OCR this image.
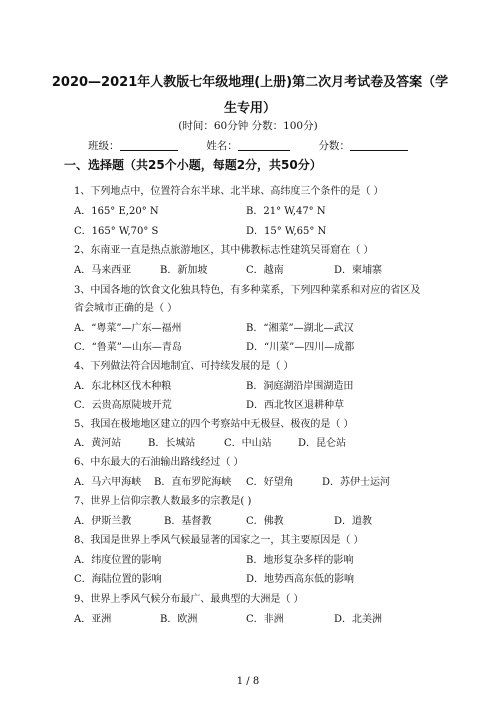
2020—2021年人教版七年级地理(上册)第二次月考试卷及答案（学
生专用）
(时间：60分钟 分数：100分)
班级：	姓名：	分数：
一、选择题（共25个小题，每题2分，共50分）
1、下列地点中，位置符合东半球、北半球、高纬度三个条件的是（ ）
A．165° E,20° N	B．21° W,47° N
C．165° W,70° S	D．15° W,65° N
2、东南亚一直是热点旅游地区，其中佛教标志性建筑吴哥窟在（ ）
A．马来西亚	B．新加坡	C．越南	D．柬埔寨
3、中国各地的饮食文化独具特色，有多种菜系，下列四种菜系和对应的省区及
省会城市正确的是（ ）
A．“粤菜”—广东—福州	B．“湘菜”—湖北—武汉
C．“鲁菜”—山东—青岛	D．“川菜”—四川—成都
4、下列做法符合因地制宜、可持续发展的是（ ）
A．东北林区伐木种粮	B．洞庭湖沿岸围湖造田
C．云贵高原陡坡开荒	D．西北牧区退耕种草
5、我国在极地地区建立的四个考察站中无极昼、极夜的是（ ）
A．黄河站	B．长城站	C．中山站	D．昆仑站
6、中东最大的石油输出路线经过（ ）
A．马六甲海峡 B．直布罗陀海峡 C．好望角	D．苏伊士运河
7、世界上信仰宗教人数最多的宗教是( )
A．伊斯兰教	B．基督教	C．佛教	D．道教
8、我国是世界上季风气候最显著的国家之一，其主要原因是（ ）
A．纬度位置的影响	B．地形复杂多样的影响
C．海陆位置的影响	D．地势西高东低的影响
9、世界上季风气候分布最广、最典型的大洲是（ ）
A．亚洲	B．欧洲	C．非洲	D．北美洲
1 / 8
